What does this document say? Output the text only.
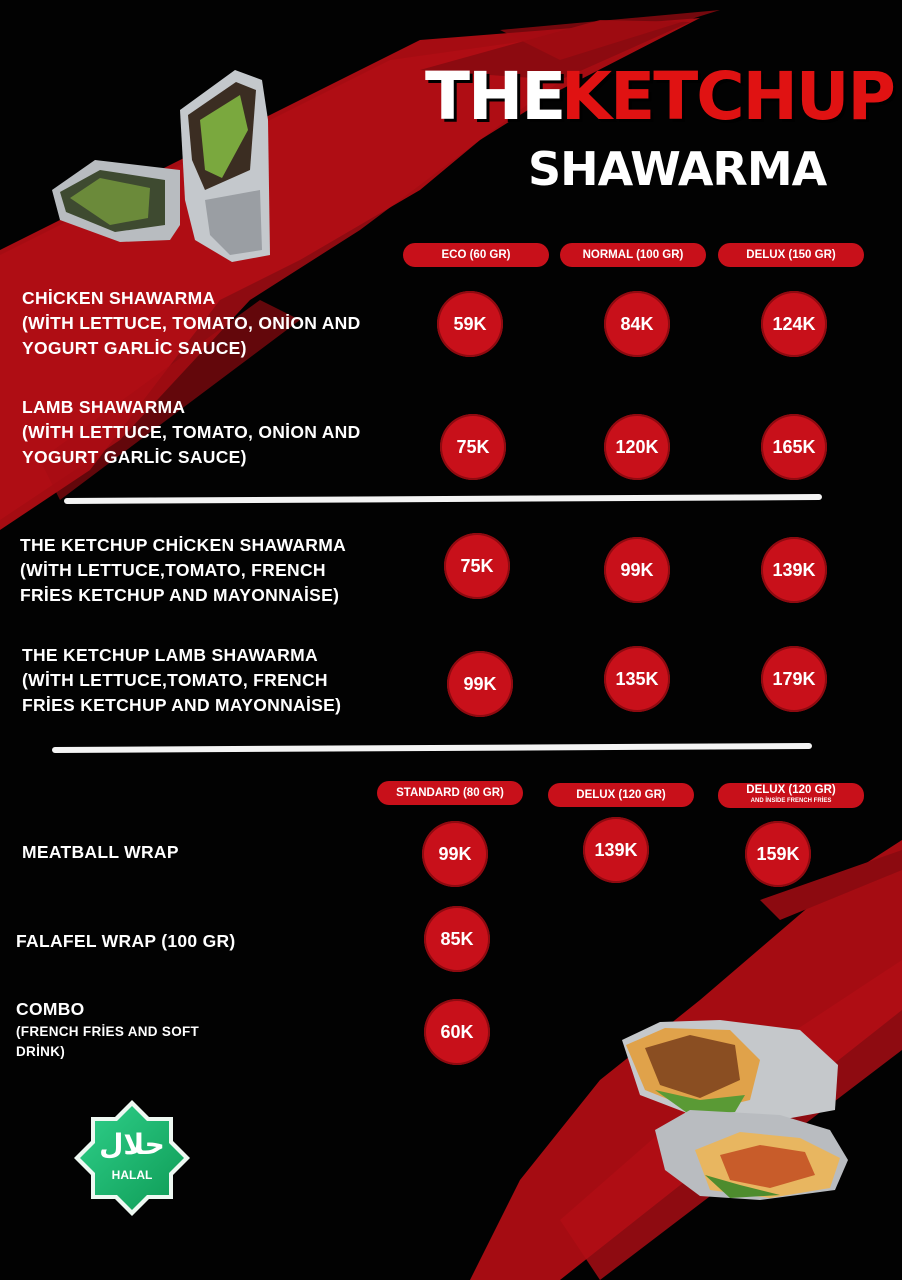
THE
KETCHUP
SHAWARMA
ECO (60 GR)	NORMAL (100 GR)	DELUX (150 GR)
CHİCKEN SHAWARMA
(WİTH LETTUCE, TOMATO, ONİON AND
YOGURT GARLİC SAUCE)
59K	84K	124K
LAMB SHAWARMA
(WİTH LETTUCE, TOMATO, ONİON AND
YOGURT GARLİC SAUCE)	75K	120K	165K
THE KETCHUP CHİCKEN SHAWARMA
(WİTH LETTUCE,TOMATO, FRENCH
FRİES KETCHUP AND MAYONNAİSE)
75K	99K	139K
THE KETCHUP LAMB SHAWARMA
(WİTH LETTUCE,TOMATO, FRENCH
FRİES KETCHUP AND MAYONNAİSE)
99K	135K	179K
STANDARD (80 GR)	DELUX (120 GR)	DELUX (120 GR)
AND İNSİDE FRENCH FRİES
MEATBALL WRAP	99K	139K	159K
FALAFEL WRAP (100 GR)	85K
COMBO
(FRENCH FRİES AND SOFT
DRİNK)
60K
حلال
HALAL
